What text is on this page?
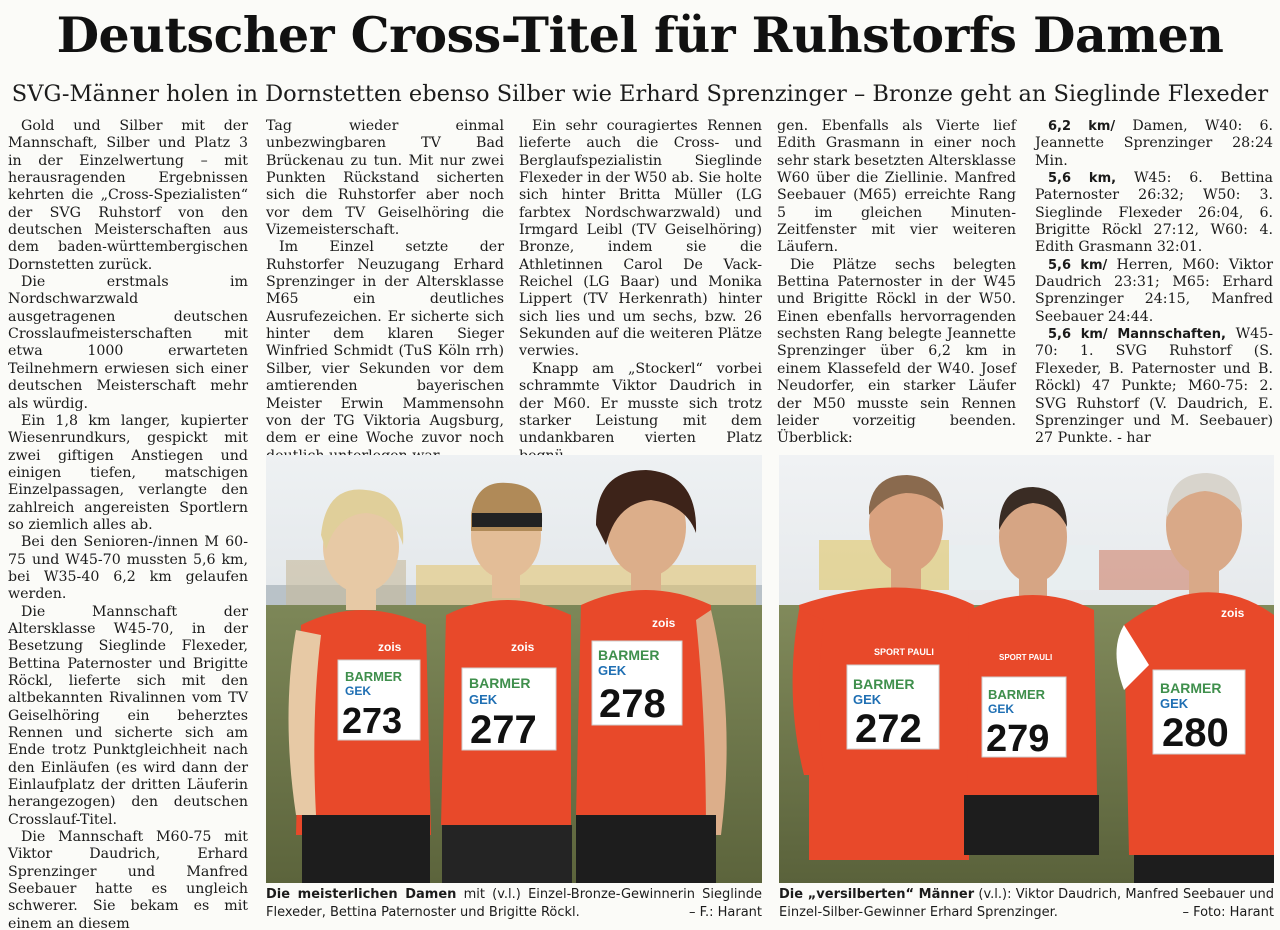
Deutscher Cross-Titel für Ruhstorfs Damen
SVG-Männer holen in Dornstetten ebenso Silber wie Erhard Sprenzinger – Bronze geht an Sieglinde Flexeder

Gold und Silber mit der Mannschaft, Silber und Platz 3 in der Einzelwertung – mit herausragenden Ergebnissen kehrten die „Cross-Spezialisten“ der SVG Ruhstorf von den deutschen Meisterschaften aus dem baden-württembergischen Dornstetten zurück.

Die erstmals im Nordschwarzwald ausgetragenen deutschen Crosslaufmeisterschaften mit etwa 1000 erwarteten Teilnehmern erwiesen sich einer deutschen Meisterschaft mehr als würdig.

Ein 1,8 km langer, kupierter Wiesenrundkurs, gespickt mit zwei giftigen Anstiegen und einigen tiefen, matschigen Einzelpassagen, verlangte den zahlreich angereisten Sportlern so ziemlich alles ab.

Bei den Senioren-/innen M 60-75 und W45-70 mussten 5,6 km, bei W35-40 6,2 km gelaufen werden.

Die Mannschaft der Altersklasse W45-70, in der Besetzung Sieglinde Flexeder, Bettina Paternoster und Brigitte Röckl, lieferte sich mit den altbekannten Rivalinnen vom TV Geiselhöring ein beherztes Rennen und sicherte sich am Ende trotz Punktgleichheit nach den Einläufen (es wird dann der Einlaufplatz der dritten Läuferin herangezogen) den deutschen Crosslauf-Titel.

Die Mannschaft M60-75 mit Viktor Daudrich, Erhard Sprenzinger und Manfred Seebauer hatte es ungleich schwerer. Sie bekam es mit einem an diesem

Tag wieder einmal unbezwingbaren TV Bad Brückenau zu tun. Mit nur zwei Punkten Rückstand sicherten sich die Ruhstorfer aber noch vor dem TV Geiselhöring die Vizemeisterschaft.

Im Einzel setzte der Ruhstorfer Neuzugang Erhard Sprenzinger in der Altersklasse M65 ein deutliches Ausrufezeichen. Er sicherte sich hinter dem klaren Sieger Winfried Schmidt (TuS Köln rrh) Silber, vier Sekunden vor dem amtierenden bayerischen Meister Erwin Mammensohn von der TG Viktoria Augsburg, dem er eine Woche zuvor noch

Ein sehr couragiertes Rennen lieferte auch die Cross- und Berglaufspezialistin Sieglinde Flexeder in der W50 ab. Sie holte sich hinter Britta Müller (LG farbtex Nordschwarzwald) und Irmgard Leibl (TV Geiselhöring) Bronze, indem sie die Athletinnen Carol De Vack-Reichel (LG Baar) und Monika Lippert (TV Herkenrath) hinter sich lies und um sechs, bzw. 26 Sekunden auf die weiteren Plätze verwies.

Knapp am „Stockerl“ vorbei schrammte Viktor Daudrich in der M60. Er musste sich trotz starker Leistung mit dem undankbaren vierten Platz

gen. Ebenfalls als Vierte lief Edith Grasmann in einer noch sehr stark besetzten Altersklasse W60 über die Ziellinie. Manfred Seebauer (M65) erreichte Rang 5 im gleichen Minuten-Zeitfenster mit vier weiteren Läufern.

Die Plätze sechs belegten Bettina Paternoster in der W45 und Brigitte Röckl in der W50. Einen ebenfalls hervorragenden sechsten Rang belegte Jeannette Sprenzinger über 6,2 km in einem Klassefeld der W40. Josef Neudorfer, ein starker Läufer der M50 musste sein Rennen leider vorzeitig beenden. Überblick:

6,2 km/ Damen, W40: 6. Jeannette Sprenzinger 28:24 Min.

5,6 km, W45: 6. Bettina Paternoster 26:32; W50: 3. Sieglinde Flexeder 26:04, 6. Brigitte Röckl 27:12, W60: 4. Edith Grasmann 32:01.

5,6 km/ Herren, M60: Viktor Daudrich 23:31; M65: Erhard Sprenzinger 24:15, Manfred Seebauer 24:44.

5,6 km/ Mannschaften, W45-70: 1. SVG Ruhstorf (S. Flexeder, B. Paternoster und B. Röckl) 47 Punkte; M60-75: 2. SVG Ruhstorf (V. Daudrich, E. Sprenzinger und M. Seebauer) 27 Punkte. - har

BARMER
GEK
273
BARMER
GEK
277
BARMER
GEK
278
zois	zois
zois
BARMER
GEK
272
BARMER
GEK
279
BARMER
GEK
280
SPORT PAULI
SPORT PAULI
zois
Die meisterlichen Damen mit (v.l.) Einzel-Bronze-Gewinnerin Sieglinde Flexeder, Bettina Paternoster und Brigitte Röckl.	– F.: Harant
Die „versilberten“ Männer (v.l.): Viktor Daudrich, Manfred Seebauer und Einzel-Silber-Gewinner Erhard Sprenzinger.	– Foto: Harant
